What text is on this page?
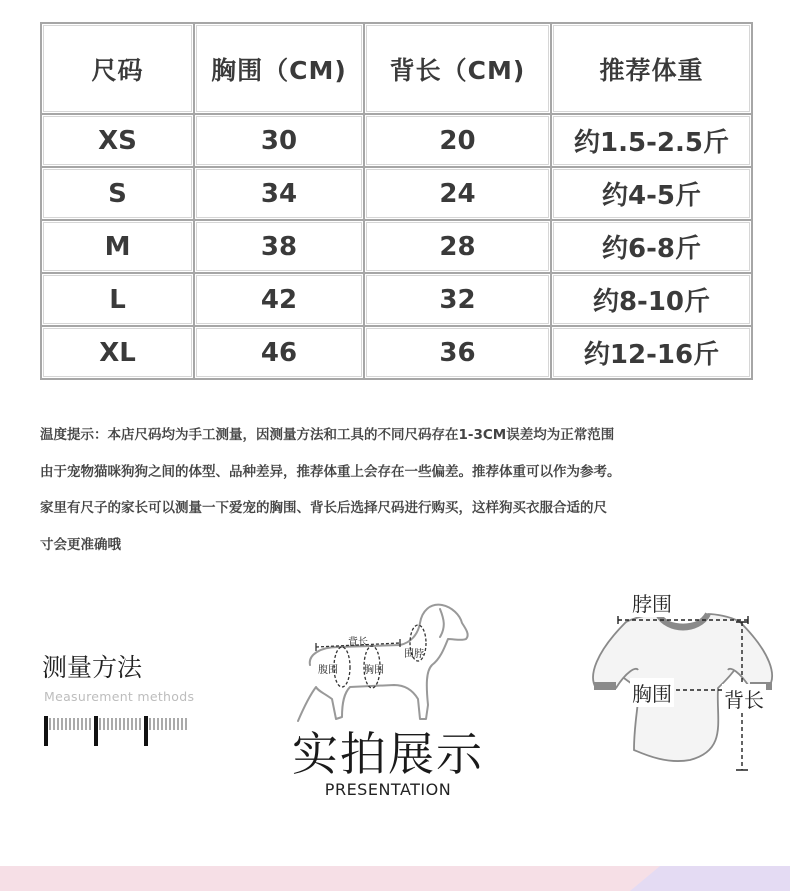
尺码	胸围（CM)	背长（CM)	推荐体重
XS	30	20	约1.5-2.5斤
S	34	24	约4-5斤
M	38	28	约6-8斤
L	42	32	约8-10斤
XL	46	36	约12-16斤

温度提示：本店尺码均为手工测量，因测量方法和工具的不同尺码存在1-3CM误差均为正常范围

由于宠物猫咪狗狗之间的体型、品种差异，推荐体重上会存在一些偏差。推荐体重可以作为参考。

家里有尺子的家长可以测量一下爱宠的胸围、背长后选择尺码进行购买，这样狗买衣服合适的尺

寸会更准确哦

测量方法
Measurement methods
背长
围脖
腹围	胸围
实拍展示
PRESENTATION
脖围
胸围	背长
